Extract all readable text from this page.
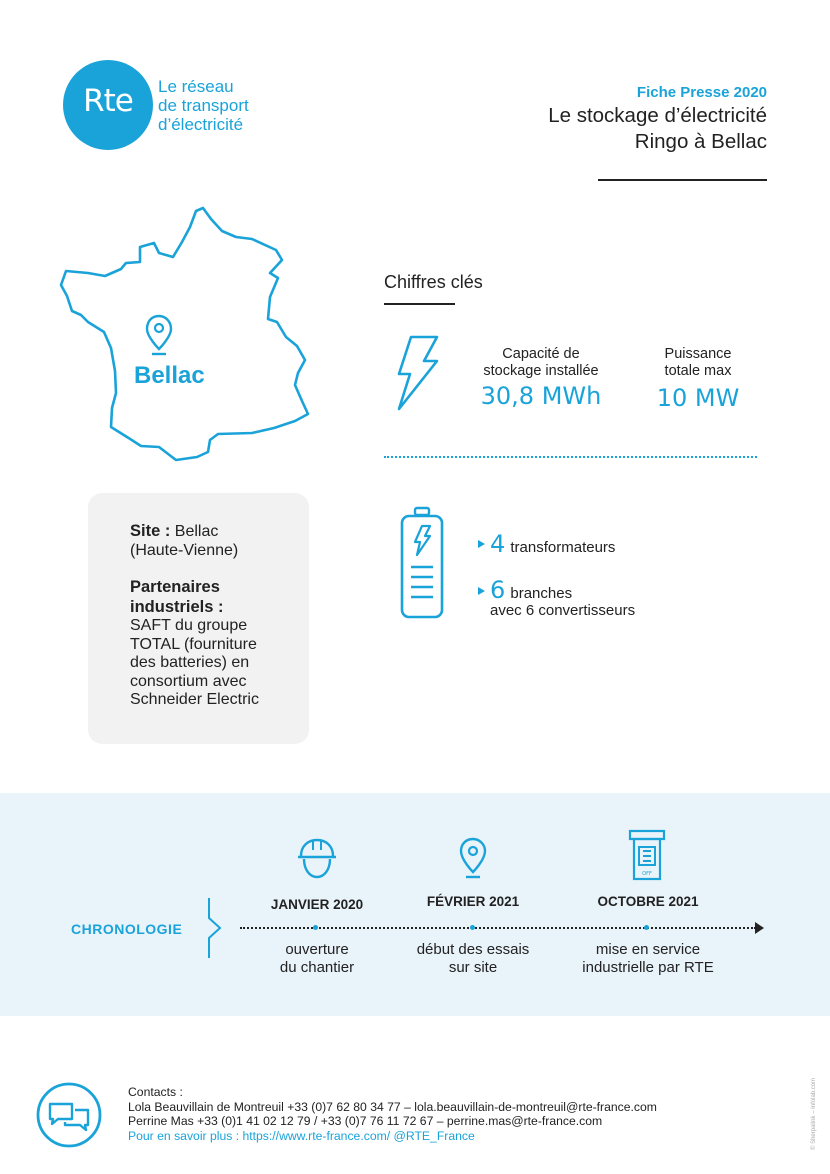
Rte	Le réseau
de transport
d’électricité
Fiche Presse 2020
Le stockage d’électricité
Ringo à Bellac
Bellac
Chiffres clés
Capacité de
stockage installée
30,8 MWh
Puissance
totale max
10 MW
4 transformateurs
6 branches
avec 6 convertisseurs
Site : Bellac
(Haute-Vienne)
Partenaires
industriels :
SAFT du groupe
TOTAL (fourniture
des batteries) en
consortium avec
Schneider Electric
CHRONOLOGIE
JANVIER 2020
ouverture
du chantier
FÉVRIER 2021
début des essais
sur site
OFF
OCTOBRE 2021
mise en service
industrielle par RTE
Contacts :
Lola Beauvillain de Montreuil +33 (0)7 62 80 34 77 – lola.beauvillain-de-montreuil@rte-france.com
Perrine Mas +33 (0)1 41 02 12 79 / +33 (0)7 76 11 72 67 – perrine.mas@rte-france.com
Pour en savoir plus : https://www.rte-france.com/ @RTE_France	© Sherpalink – Infolab.com
